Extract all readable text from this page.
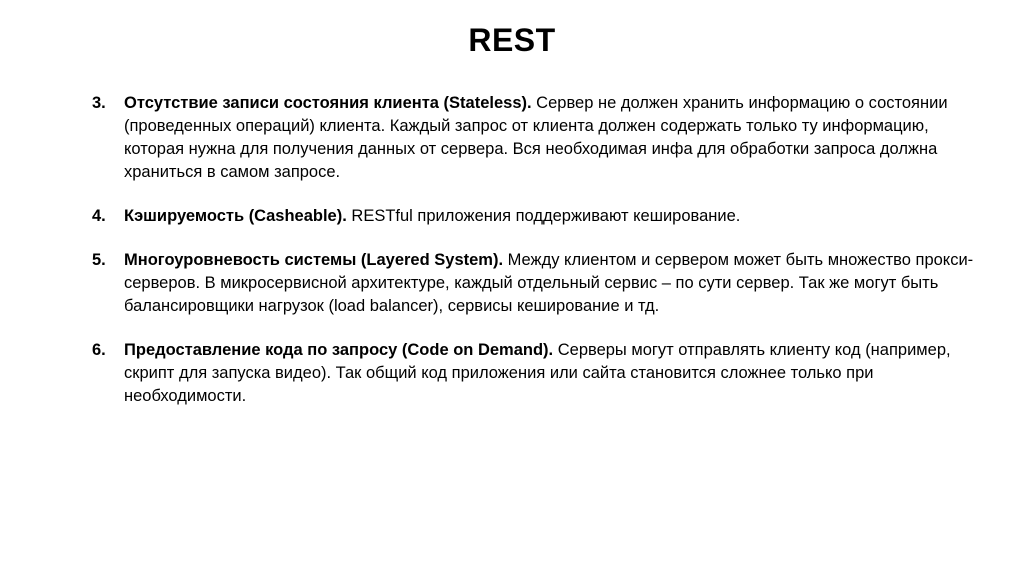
REST
3. Отсутствие записи состояния клиента (Stateless). Сервер не должен хранить информацию о состоянии (проведенных операций) клиента. Каждый запрос от клиента должен содержать только ту информацию, которая нужна для получения данных от сервера. Вся необходимая инфа для обработки запроса должна храниться в самом запросе.
4. Кэшируемость (Casheable). RESTful приложения поддерживают кеширование.
5. Многоуровневость системы (Layered System). Между клиентом и сервером может быть множество прокси-серверов. В микросервисной архитектуре, каждый отдельный сервис – по сути сервер. Так же могут быть балансировщики нагрузок (load balancer), сервисы кеширование и тд.
6. Предоставление кода по запросу (Code on Demand). Серверы могут отправлять клиенту код (например, скрипт для запуска видео). Так общий код приложения или сайта становится сложнее только при необходимости.
